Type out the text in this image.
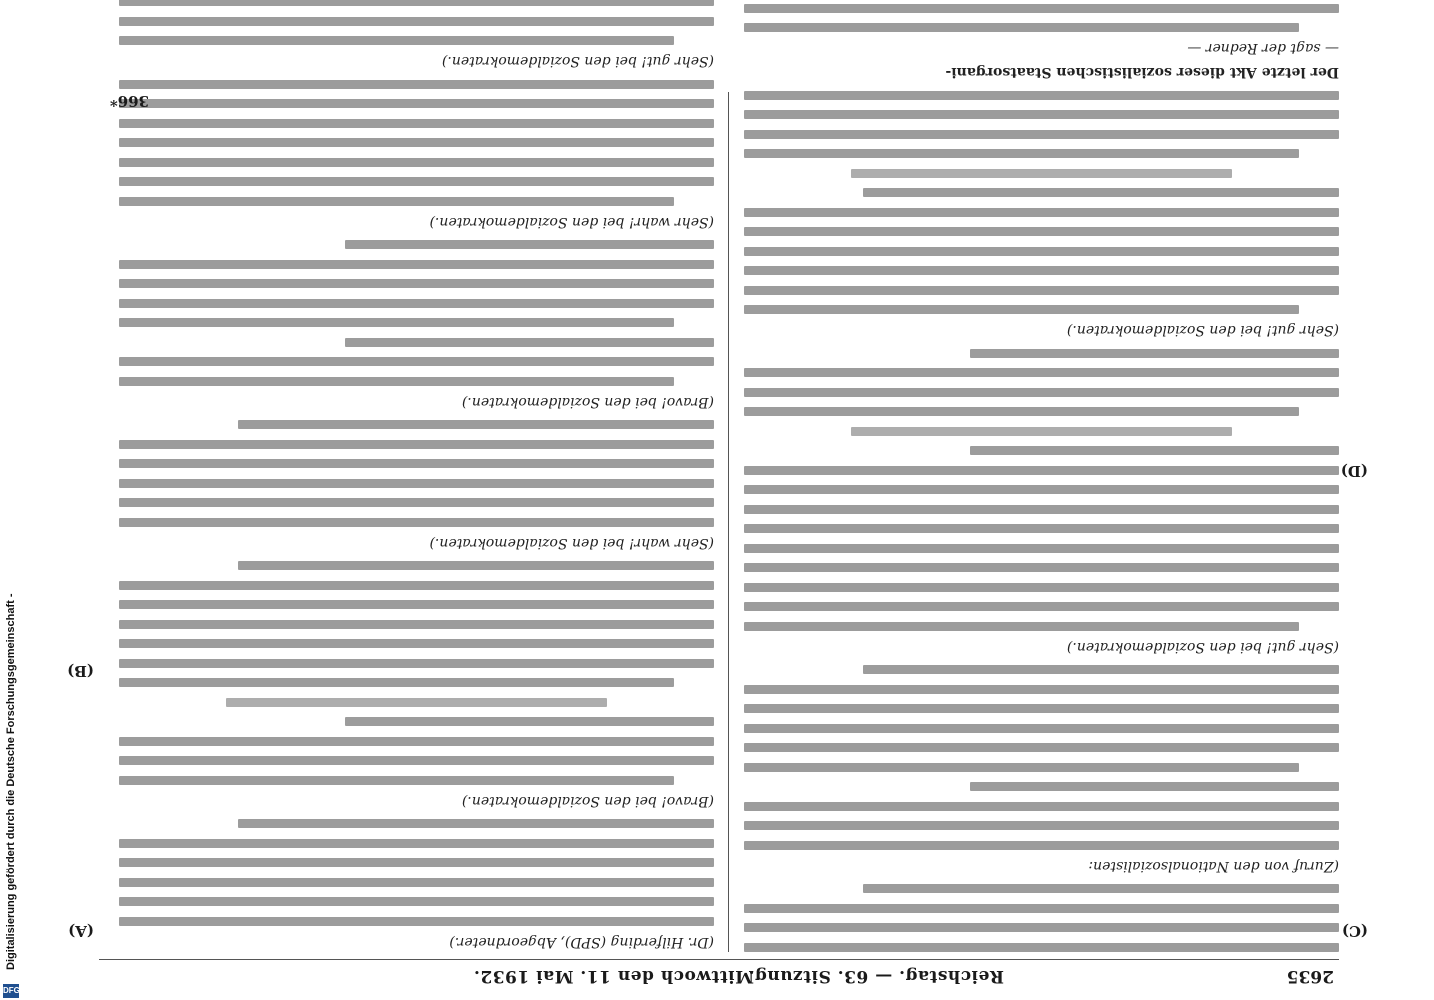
2635
Reichstag. — 63. Sitzung.
Mittwoch den 11. Mai 1932.
(C)
(D)
(A)
(B)
(Zuruf von den Nationalsozialisten:
(Sehr gut! bei den Sozialdemokraten.)
(Sehr gut! bei den Sozialdemokraten.)
Der letzte Akt dieser sozialistischen Staatsorgani-
— sagt der Redner —
(Dr. Hilferding (SPD), Abgeordneter.)
(Bravo! bei den Sozialdemokraten.)
(Sehr wahr! bei den Sozialdemokraten.)
(Bravo! bei den Sozialdemokraten.)
(Sehr wahr! bei den Sozialdemokraten.)
(Sehr gut! bei den Sozialdemokraten.)
366*
Digitalisierung gefördert durch die Deutsche Forschungsgemeinschaft -
DFG
